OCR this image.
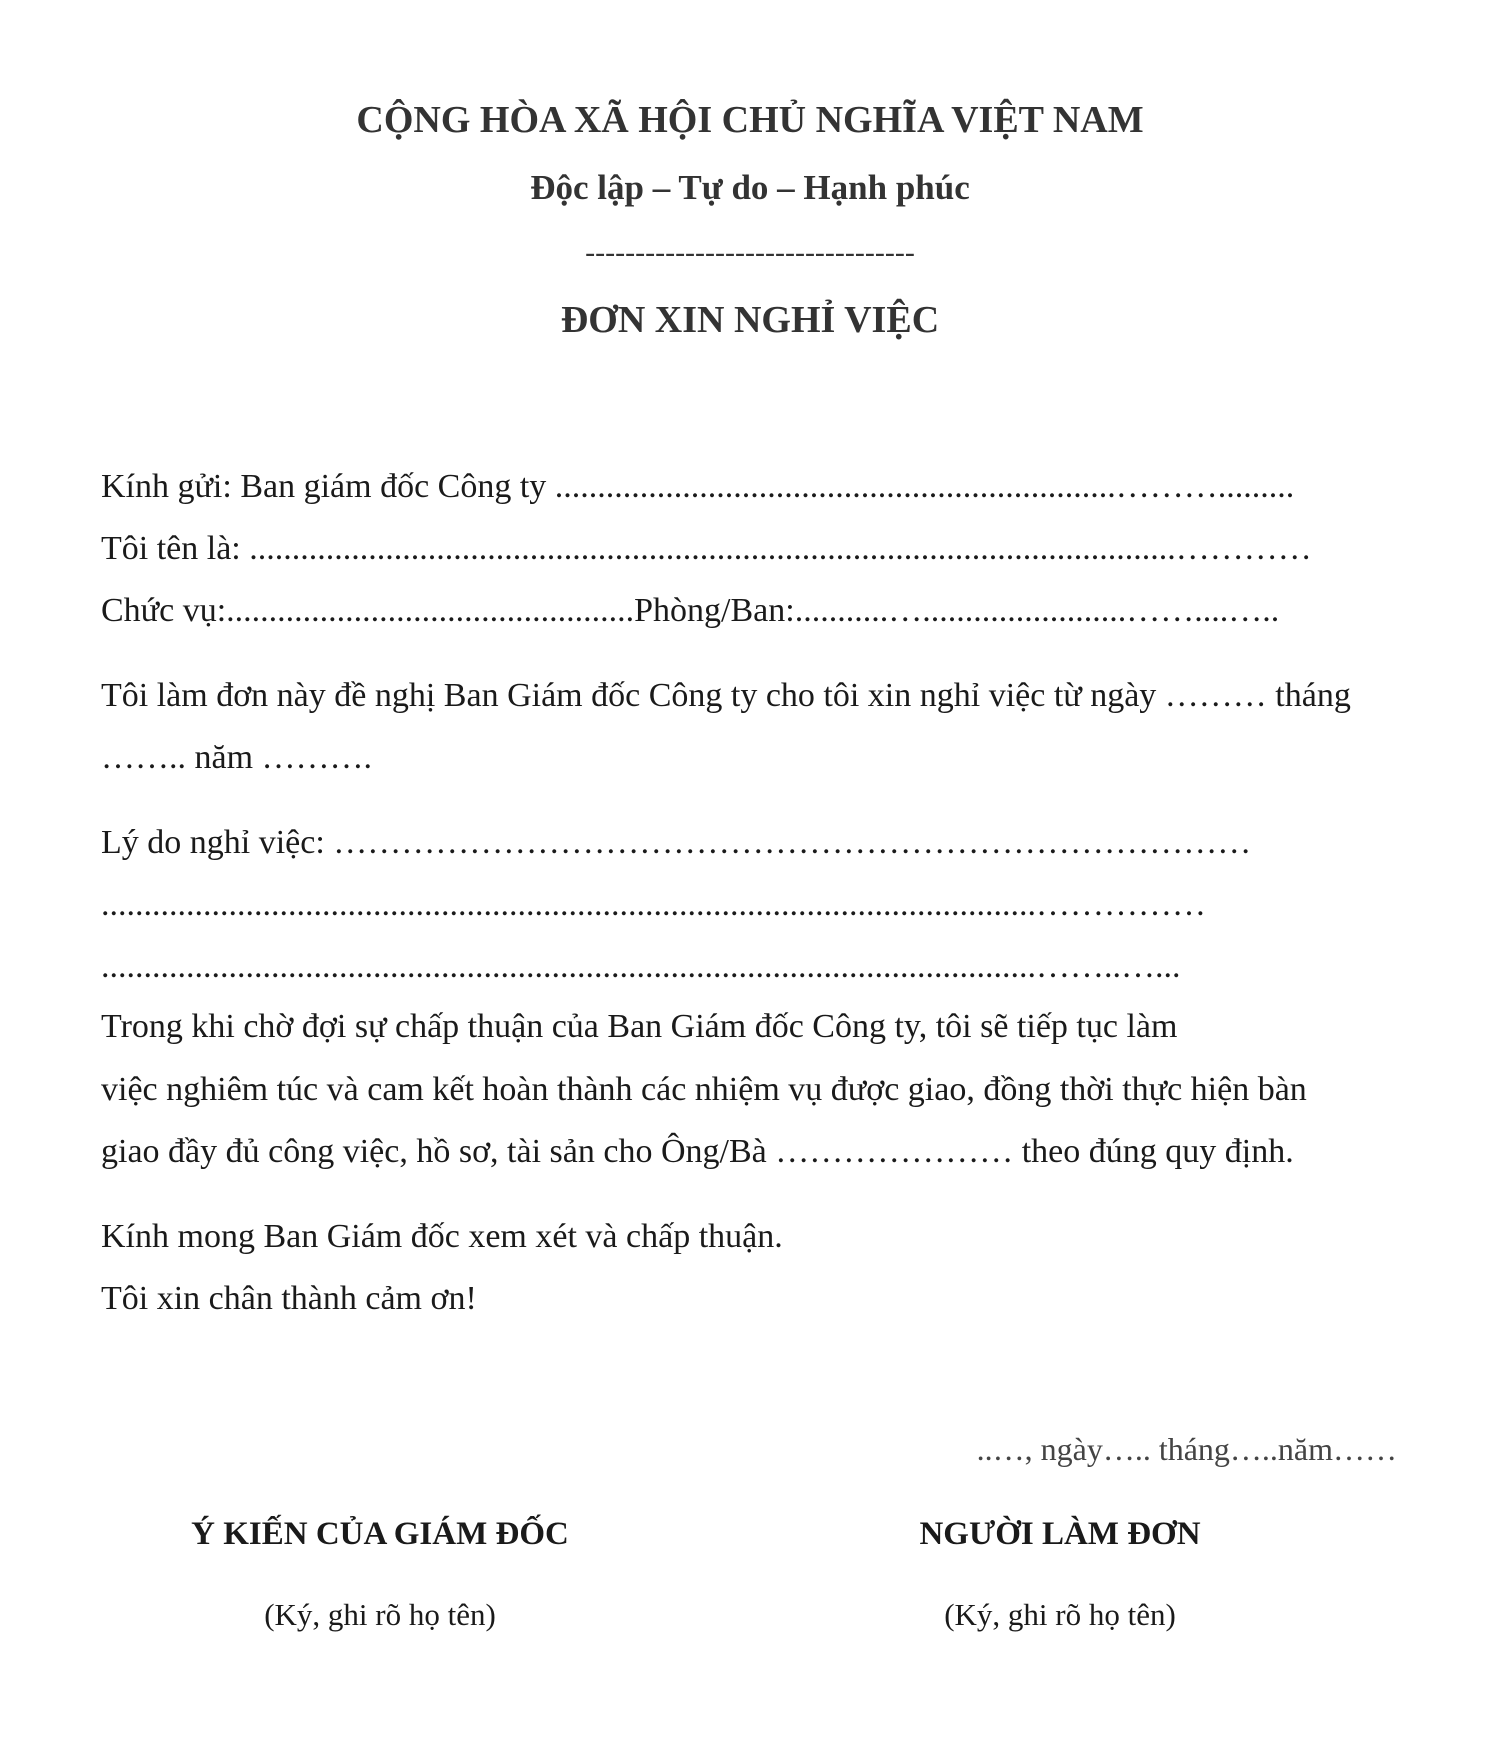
CỘNG HÒA XÃ HỘI CHỦ NGHĨA VIỆT NAM
Độc lập – Tự do – Hạnh phúc
---------------------------------
ĐƠN XIN NGHỈ VIỆC
Kính gửi: Ban giám đốc Công ty ..................................................................……….........
Tôi tên là: .............................................................................................................…………
Chức vụ:................................................Phòng/Ban:...........…........................……....…..
Tôi làm đơn này đề nghị Ban Giám đốc Công ty cho tôi xin nghỉ việc từ ngày ……… tháng
…….. năm ……….
Lý do nghỉ việc: ………………………………………………………………………
..............................................................................................................……………
..............................................................................................................……..…...
Trong khi chờ đợi sự chấp thuận của Ban Giám đốc Công ty, tôi sẽ tiếp tục làm
việc nghiêm túc và cam kết hoàn thành các nhiệm vụ được giao, đồng thời thực hiện bàn
giao đầy đủ công việc, hồ sơ, tài sản cho Ông/Bà ………………… theo đúng quy định.
Kính mong Ban Giám đốc xem xét và chấp thuận.
Tôi xin chân thành cảm ơn!
..…, ngày….. tháng…..năm……
Ý KIẾN CỦA GIÁM ĐỐC
(Ký, ghi rõ họ tên)
NGƯỜI LÀM ĐƠN
(Ký, ghi rõ họ tên)
